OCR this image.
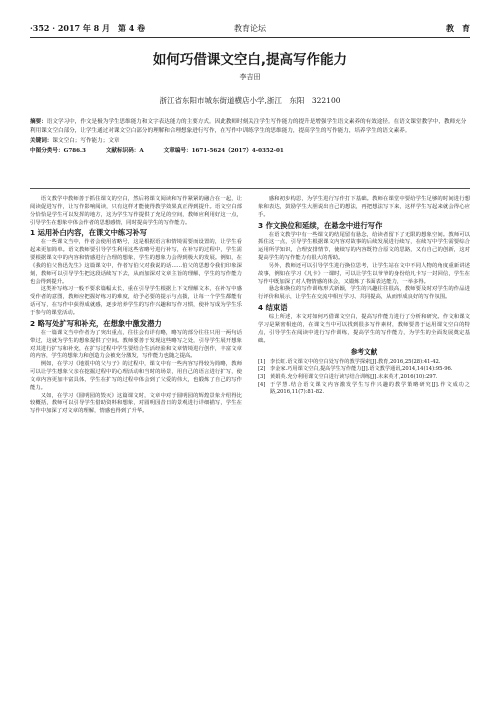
·352 · 2017 年 8 月　第 4 卷	教育论坛	教　育
如何巧借课文空白,提高写作能力
李吉田
浙江省东阳市城东街道横店小学,浙江　东阳　322100

摘要：语文学习中，作文是极为学生思维能力和文字表达能力的主要方式。因此教师时刻关注学生写作能力的提升是增强学生语文素养的有效途径。在语文课堂教学中，教师充分利用课文空白部分，让学生通过对课文空白部分的理解和合理想象进行写作，在写作中训练学生的思维能力，提高学生的写作能力，培养学生的语文素养。

关键词：课文空白；写作能力；文章

中图分类号：G786.3	文献标识码：A	文章编号：1671-5624（2017）4-0352-01

语文教学中教师善于抓住课文的空白，然后将课文阅读和写作紧紧的融合在一起，让阅读促进写作，让写作影响阅读，只有这样才能使得教学效果真正得到提升。语文空白部分恰恰是学生可以发挥的地方，这为学生写作提供了充足的空间，教师应利用好这一点，引导学生在想象中体会作者的思想感情，同时提高学生的写作能力。

1 运用补白内容，在课文中练习补写

在一些课文当中，作者会使用省略号，这是根据语言和情境需要而设置的，让学生看起来更加简单。语文教师要引导学生利用这些省略号进行补写，在补写的过程中，学生需要根据课文中的内容和情感进行合理的想象，学生的想象力会得到极大的发展。例如，在《我的伯父鲁迅先生》这篇课文中，作者写伯父对我说的话……伯父的思想令我们印象深刻，教师可以引导学生把这段话续写下去，从而加深对文章主旨的理解，学生的写作能力也会得到提升。

这类补写练习一般不要求篇幅太长，重在引导学生根据上下文理解文本，在补写中感受作者的意图，教师应把握好练习的难度，给予必要的提示与点拨，让每一个学生都能有话可写，在写作中获得成就感，逐步培养学生的写作兴趣和写作习惯，使补写成为学生乐于参与的课堂活动。

2 略写处扩写和补充，在想象中激发潜力

在一篇课文当中作者为了突出重点，往往会有详有略，略写的部分往往只用一两句话带过，这就为学生的想象提供了空间。教师要善于发现这些略写之处，引导学生展开想象对其进行扩写和补充，在扩写过程中学生要结合生活经验和文章情境进行创作，丰富文章的内容，学生的想象力和创造力会被充分激发，写作能力也随之提高。

例如，在学习《地震中的父与子》的过程中，课文中有一些内容写得较为简略，教师可以让学生想象父亲在挖掘过程中的心理活动和当时的场景，用自己的语言进行扩写，使文章内容更加丰富具体，学生在扩写的过程中体会到了父爱的伟大，也锻炼了自己的写作能力。

又如，在学习《圆明园的毁灭》这篇课文时，文章中对于圆明园的辉煌景象介绍得比较概括，教师可以引导学生借助资料和想象，对圆明园昔日的景观进行详细描写，学生在写作中加深了对文章的理解，情感也得到了升华。

感和初步构思，为学生进行写作打下基础。教师在课堂中要给学生足够的时间进行想象和表达，鼓励学生大胆说出自己的想法，再把想法写下来，这样学生写起来就会得心应手。

3 作文换位和延续，在悬念中进行写作

在语文教学中有一些课文的结尾留有悬念，给读者留下了无限的想象空间。教师可以抓住这一点，引导学生根据课文内容对故事的后续发展进行续写，在续写中学生需要综合运用所学知识，合理安排情节，使续写的内容既符合原文的思路，又有自己的创新，这对提高学生的写作能力有很大的帮助。

另外，教师还可以引导学生进行换位思考，让学生站在文中不同人物的角度重新讲述故事，例如在学习《凡卡》一课时，可以让学生以爷爷的身份给凡卡写一封回信，学生在写作中既加深了对人物情感的体会，又锻炼了书面表达能力，一举多得。

悬念和换位的写作训练形式新颖，学生的兴趣往往很高，教师要及时对学生的作品进行评价和展示，让学生在交流中相互学习、共同提高，从而形成良好的写作氛围。

4 结束语

综上所述，本文对如何巧借课文空白，提高写作能力进行了分析和研究。作文和课文学习是紧密相连的，在课文当中可以找到很多写作素材，教师要善于运用课文空白的特点，引导学生在阅读中进行写作训练，提高学生的写作能力，为学生的全面发展奠定基础。

参考文献

[1] 李长虹.语文课文中的空白处写作的教学探索[J].教育,2016,25(28):41-42.

[2] 李金家.巧用课文空白,提高学生写作能力[J].语文教学通讯,2014,14(14):95-96.

[3] 黄娟英.充分利用课文空白进行读写结合训练[J].未来英才,2016(10):297.

[4] 于学慧.结合语文课文内容激发学生写作兴趣的教学策略研究[J].作文成功之路,2016,11(7):81-82.
